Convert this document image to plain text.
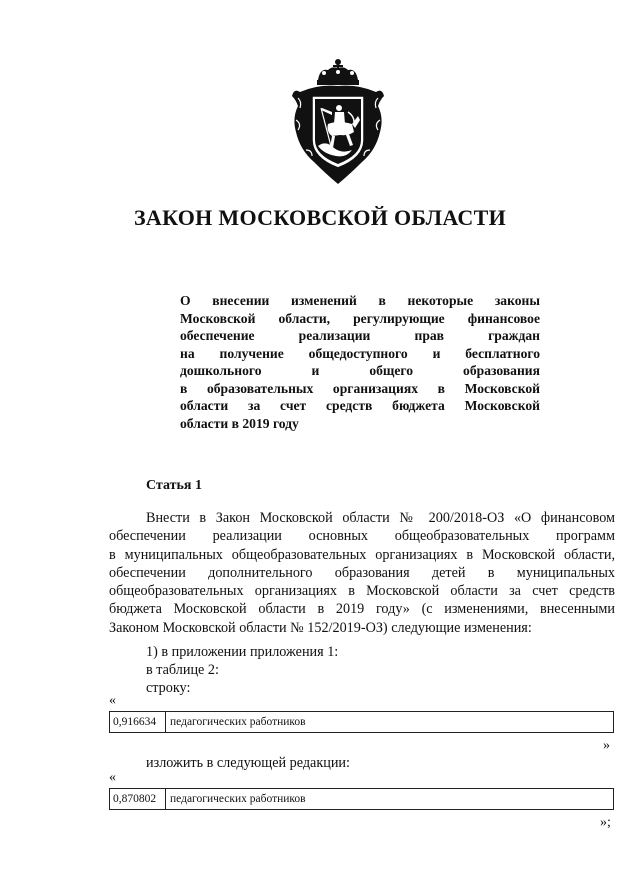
ЗАКОН МОСКОВСКОЙ ОБЛАСТИ
О внесении изменений в некоторые законы
Московской области, регулирующие финансовое
обеспечение реализации прав граждан
на получение общедоступного и бесплатного
дошкольного и общего образования
в образовательных организациях в Московской
области за счет средств бюджета Московской
области в 2019 году

Статья 1

Внести в Закон Московской области № 200/2018-ОЗ «О финансовом
обеспечении реализации основных общеобразовательных программ
в муниципальных общеобразовательных организациях в Московской области,
обеспечении дополнительного образования детей в муниципальных
общеобразовательных организациях в Московской области за счет средств
бюджета Московской области в 2019 году» (с изменениями, внесенными
Законом Московской области № 152/2019-ОЗ) следующие изменения:

1) в приложении приложения 1:

в таблице 2:

строку:

«

0,916634	педагогических работников

»

изложить в следующей редакции:

«

0,870802	педагогических работников

»;
